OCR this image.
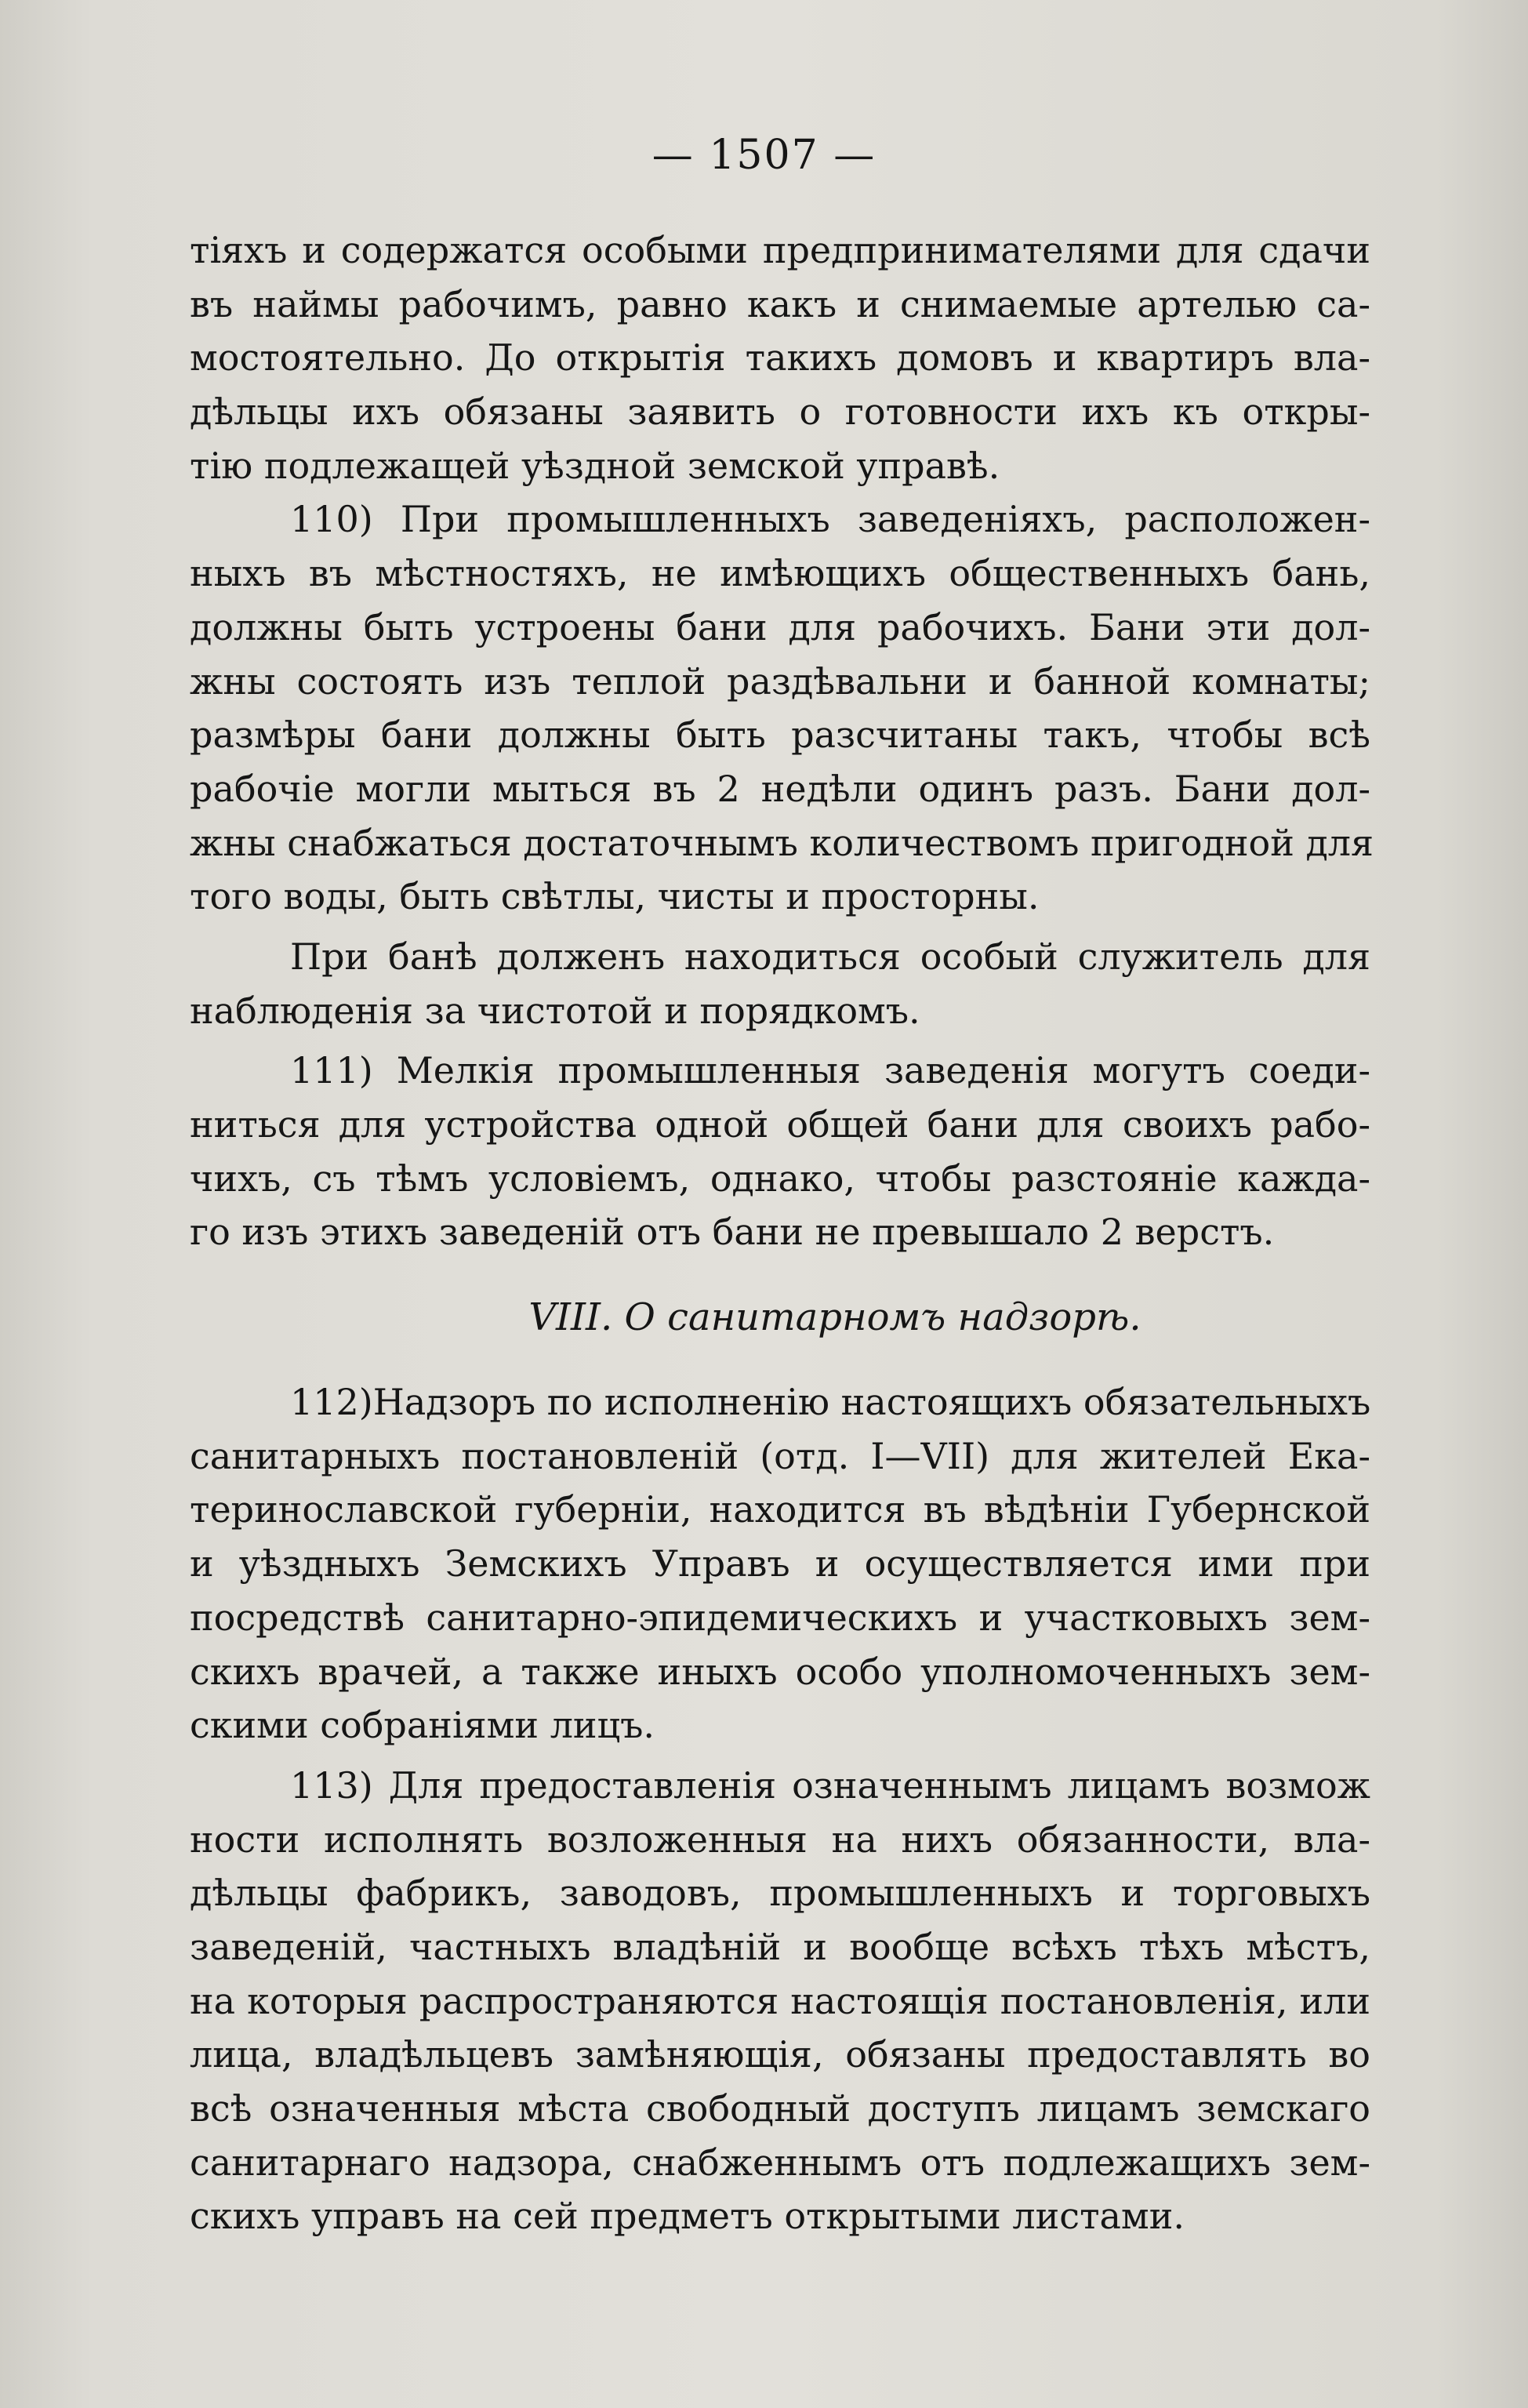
— 1507 —
тіяхъ и содержатся особыми предпринимателями для сдачи
въ наймы рабочимъ, равно какъ и снимаемые артелью са-
мостоятельно. До открытія такихъ домовъ и квартиръ вла-
дѣльцы ихъ обязаны заявить о готовности ихъ къ откры-
тію подлежащей уѣздной земской управѣ.
110) При промышленныхъ заведеніяхъ, расположен-
ныхъ въ мѣстностяхъ, не имѣющихъ общественныхъ бань,
должны быть устроены бани для рабочихъ. Бани эти дол-
жны состоять изъ теплой раздѣвальни и банной комнаты;
размѣры бани должны быть разсчитаны такъ, чтобы всѣ
рабочіе могли мыться въ 2 недѣли одинъ разъ. Бани дол-
жны снабжаться достаточнымъ количествомъ пригодной для
того воды, быть свѣтлы, чисты и просторны.
При банѣ долженъ находиться особый служитель для
наблюденія за чистотой и порядкомъ.
111) Мелкія промышленныя заведенія могутъ соеди-
ниться для устройства одной общей бани для своихъ рабо-
чихъ, съ тѣмъ условіемъ, однако, чтобы разстояніе кажда-
го изъ этихъ заведеній отъ бани не превышало 2 верстъ.
VIII. О санитарномъ надзорѣ.
112)Надзоръ по исполненію настоящихъ обязательныхъ
санитарныхъ постановленій (отд. I—VII) для жителей Ека-
теринославской губерніи, находится въ вѣдѣніи Губернской
и уѣздныхъ Земскихъ Управъ и осуществляется ими при
посредствѣ санитарно-эпидемическихъ и участковыхъ зем-
скихъ врачей, а также иныхъ особо уполномоченныхъ зем-
скими собраніями лицъ.
113) Для предоставленія означеннымъ лицамъ возмож
ности исполнять возложенныя на нихъ обязанности, вла-
дѣльцы фабрикъ, заводовъ, промышленныхъ и торговыхъ
заведеній, частныхъ владѣній и вообще всѣхъ тѣхъ мѣстъ,
на которыя распространяются настоящія постановленія, или
лица, владѣльцевъ замѣняющія, обязаны предоставлять во
всѣ означенныя мѣста свободный доступъ лицамъ земскаго
санитарнаго надзора, снабженнымъ отъ подлежащихъ зем-
скихъ управъ на сей предметъ открытыми листами.
